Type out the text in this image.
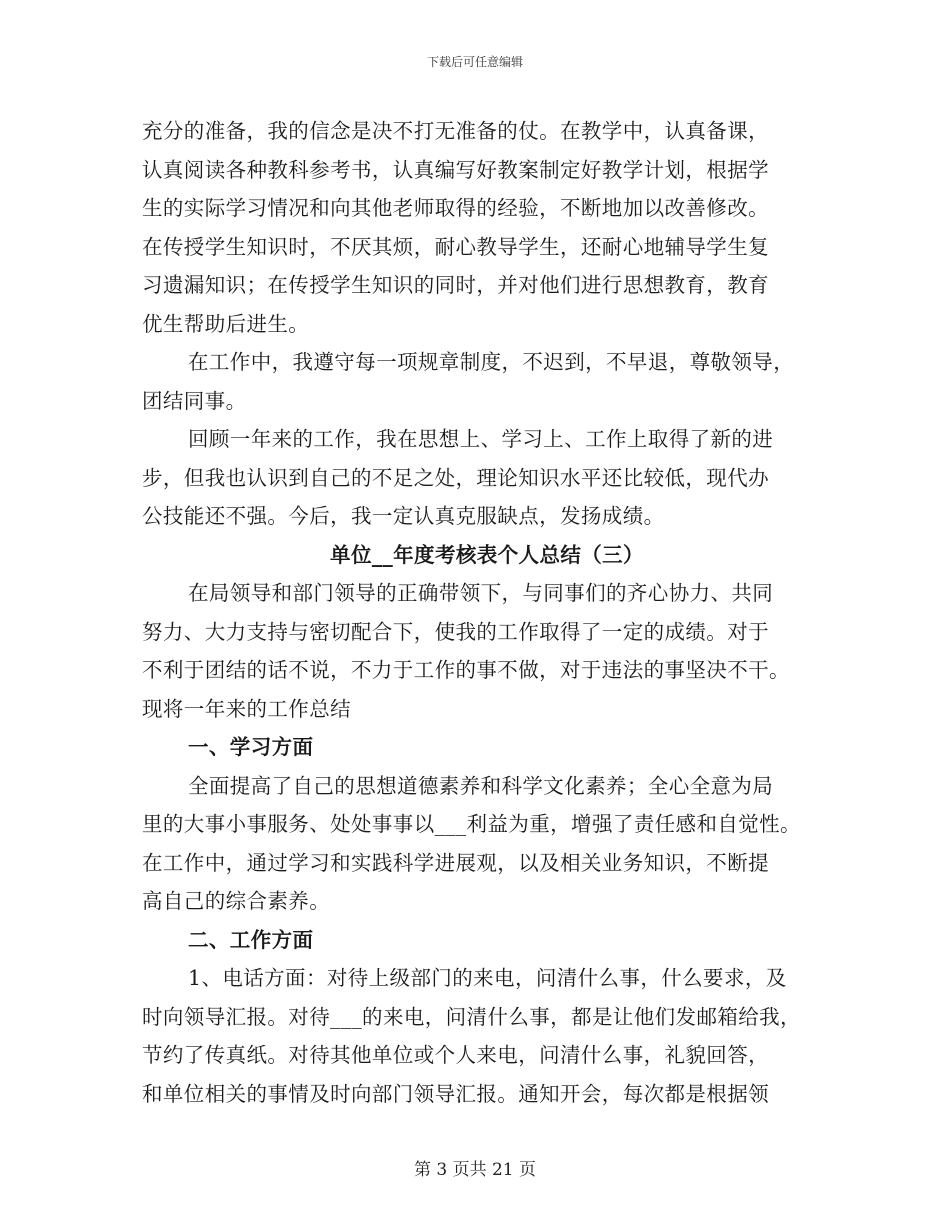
下载后可任意编辑
充分的准备，我的信念是决不打无准备的仗。在教学中，认真备课，
认真阅读各种教科参考书，认真编写好教案制定好教学计划，根据学
生的实际学习情况和向其他老师取得的经验，不断地加以改善修改。
在传授学生知识时，不厌其烦，耐心教导学生，还耐心地辅导学生复
习遗漏知识；在传授学生知识的同时，并对他们进行思想教育，教育
优生帮助后进生。
在工作中，我遵守每一项规章制度，不迟到，不早退，尊敬领导，
团结同事。
回顾一年来的工作，我在思想上、学习上、工作上取得了新的进
步，但我也认识到自己的不足之处，理论知识水平还比较低，现代办
公技能还不强。今后，我一定认真克服缺点，发扬成绩。
单位__年度考核表个人总结（三）
在局领导和部门领导的正确带领下，与同事们的齐心协力、共同
努力、大力支持与密切配合下，使我的工作取得了一定的成绩。对于
不利于团结的话不说，不力于工作的事不做，对于违法的事坚决不干。
现将一年来的工作总结
一、学习方面
全面提高了自己的思想道德素养和科学文化素养；全心全意为局
里的大事小事服务、处处事事以___利益为重，增强了责任感和自觉性。
在工作中，通过学习和实践科学进展观，以及相关业务知识，不断提
高自己的综合素养。
二、工作方面
1、电话方面：对待上级部门的来电，问清什么事，什么要求，及
时向领导汇报。对待___的来电，问清什么事，都是让他们发邮箱给我，
节约了传真纸。对待其他单位或个人来电，问清什么事，礼貌回答，
和单位相关的事情及时向部门领导汇报。通知开会，每次都是根据领
第 3 页共 21 页
